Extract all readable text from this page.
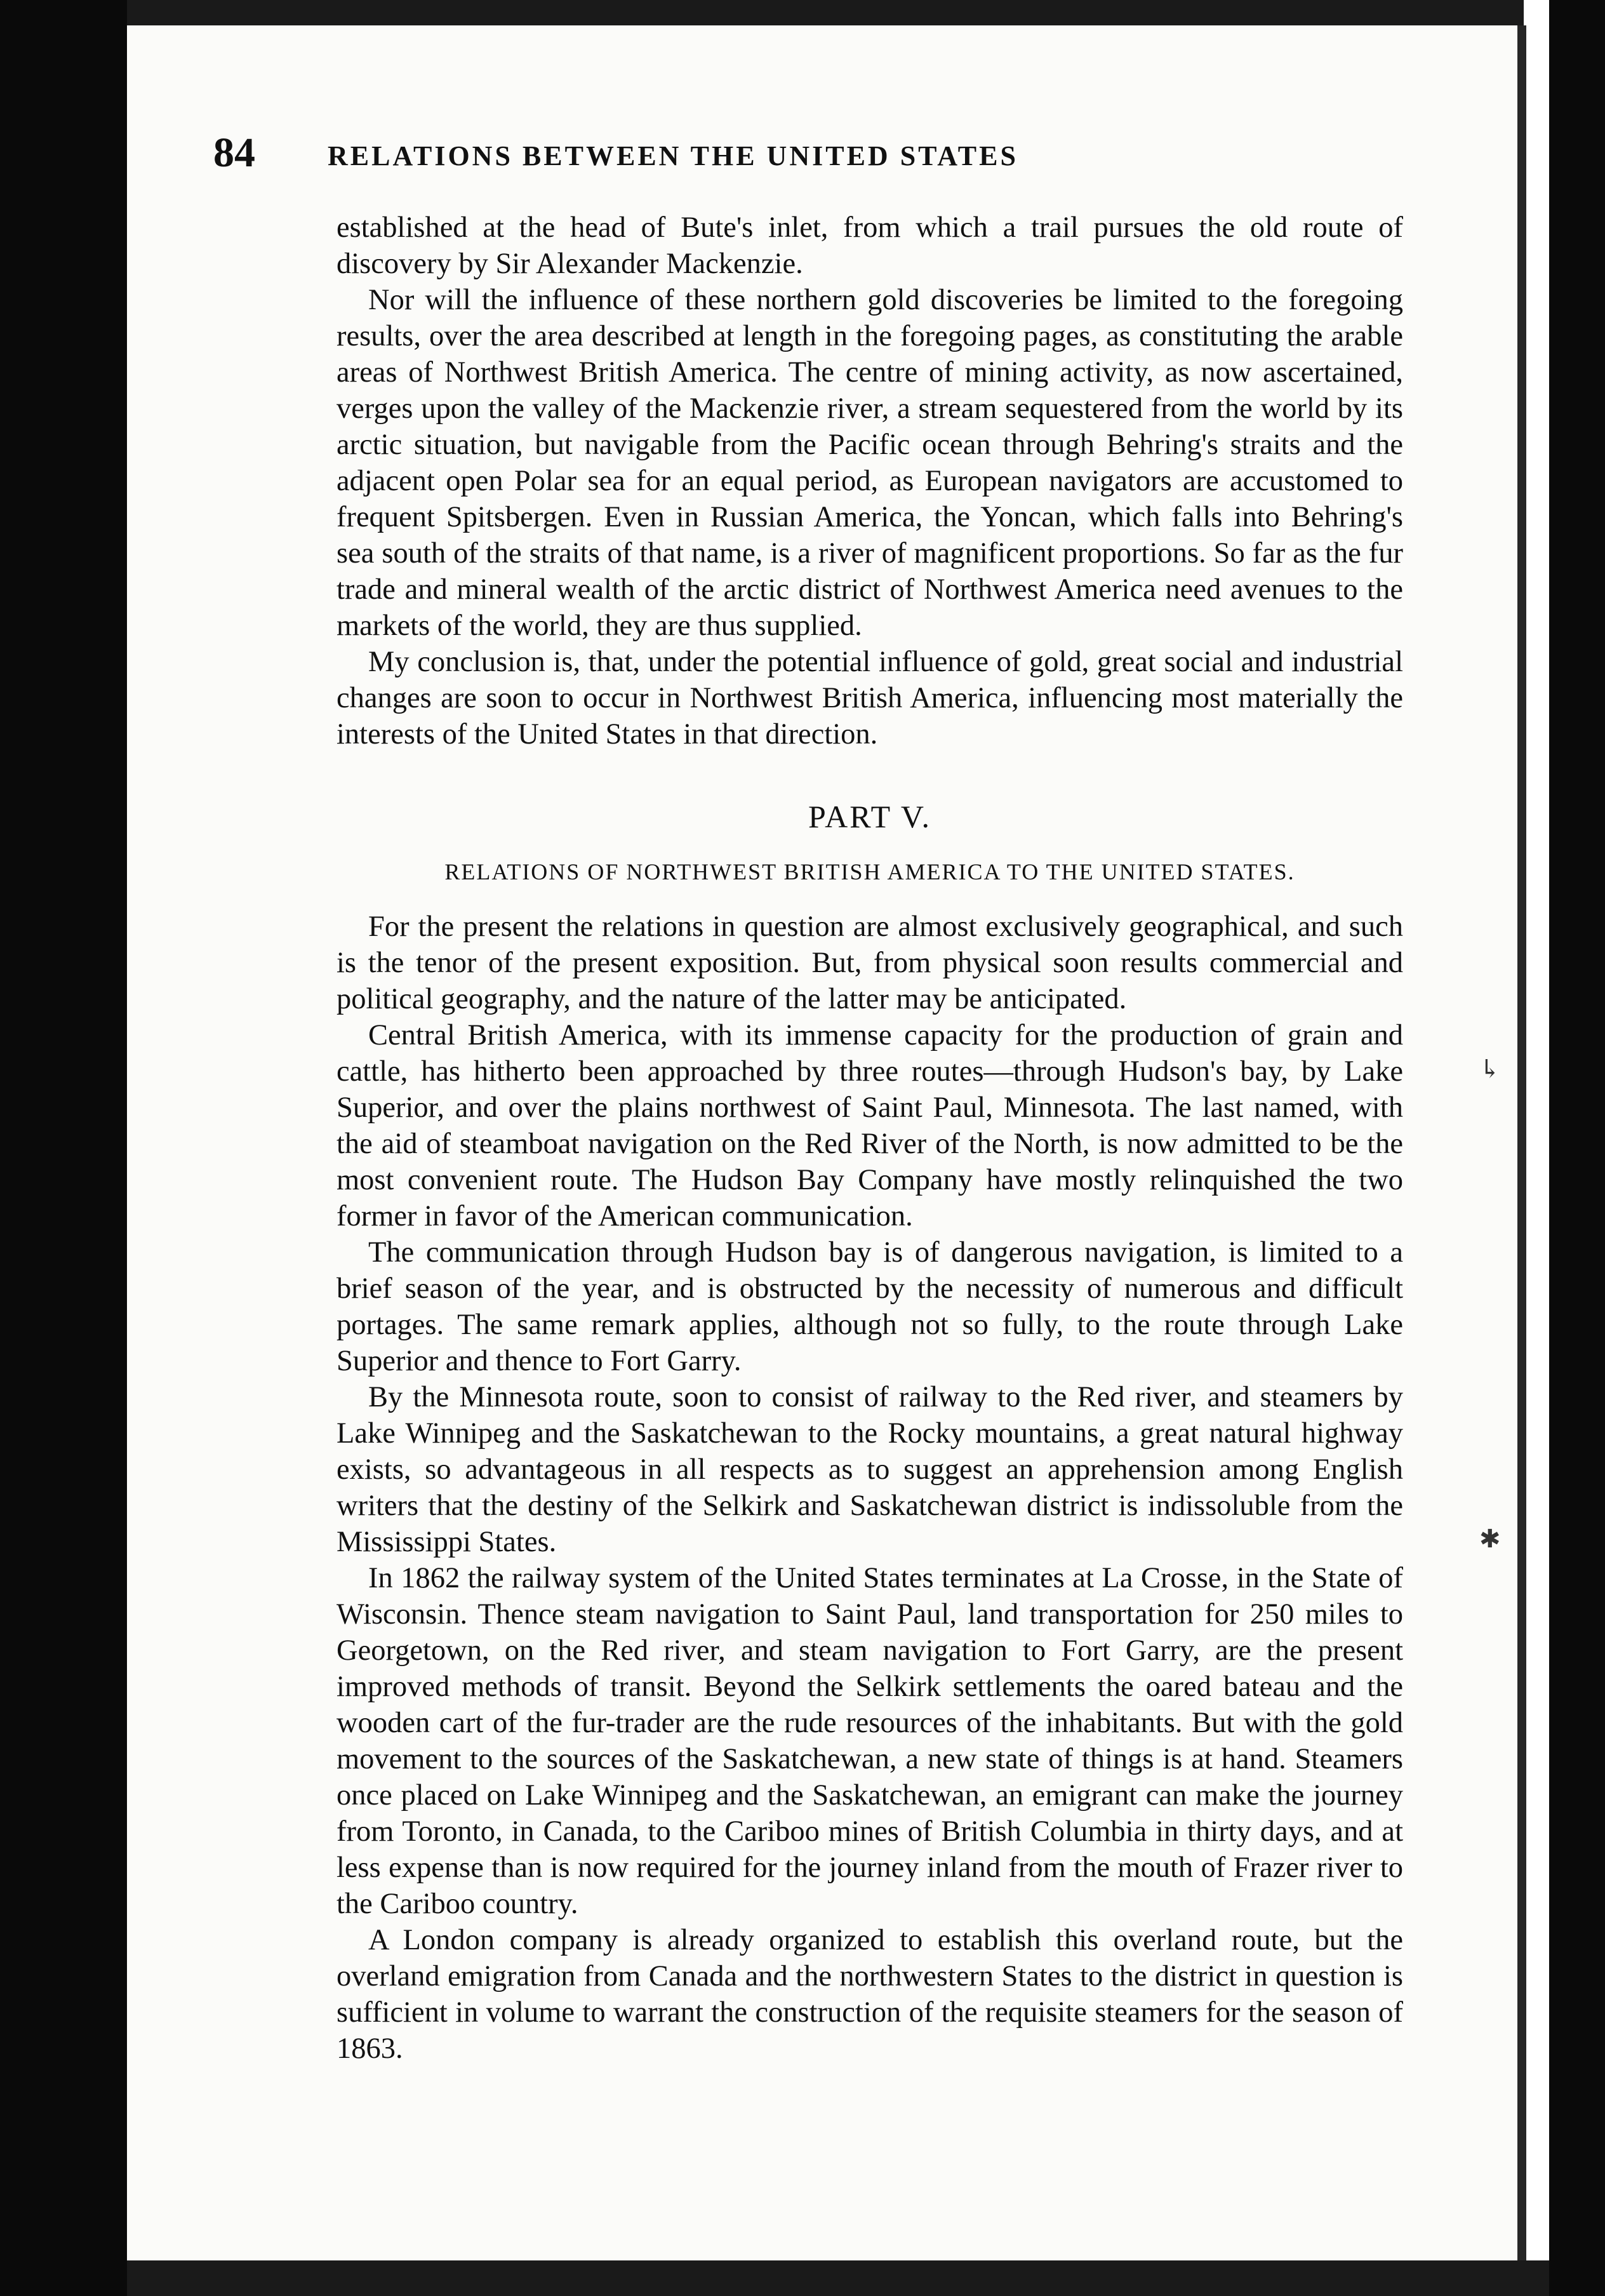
84	RELATIONS BETWEEN THE UNITED STATES

established at the head of Bute's inlet, from which a trail pursues the old route of discovery by Sir Alexander Mackenzie.

Nor will the influence of these northern gold discoveries be limited to the foregoing results, over the area described at length in the foregoing pages, as constituting the arable areas of Northwest British America. The centre of mining activity, as now ascertained, verges upon the valley of the Mackenzie river, a stream sequestered from the world by its arctic situation, but navigable from the Pacific ocean through Behring's straits and the adjacent open Polar sea for an equal period, as European navigators are accustomed to frequent Spitsbergen. Even in Russian America, the Yoncan, which falls into Behring's sea south of the straits of that name, is a river of magnificent proportions. So far as the fur trade and mineral wealth of the arctic district of Northwest America need avenues to the markets of the world, they are thus supplied.

My conclusion is, that, under the potential influence of gold, great social and industrial changes are soon to occur in Northwest British America, influencing most materially the interests of the United States in that direction.

PART V.
RELATIONS OF NORTHWEST BRITISH AMERICA TO THE UNITED STATES.

For the present the relations in question are almost exclusively geographical, and such is the tenor of the present exposition. But, from physical soon results commercial and political geography, and the nature of the latter may be anticipated.

Central British America, with its immense capacity for the production of grain and cattle, has hitherto been approached by three routes—through Hudson's bay, by Lake Superior, and over the plains northwest of Saint Paul, Minnesota. The last named, with the aid of steamboat navigation on the Red River of the North, is now admitted to be the most convenient route. The Hudson Bay Company have mostly relinquished the two former in favor of the American communication.

The communication through Hudson bay is of dangerous navigation, is limited to a brief season of the year, and is obstructed by the necessity of numerous and difficult portages. The same remark applies, although not so fully, to the route through Lake Superior and thence to Fort Garry.

By the Minnesota route, soon to consist of railway to the Red river, and steamers by Lake Winnipeg and the Saskatchewan to the Rocky mountains, a great natural highway exists, so advantageous in all respects as to suggest an apprehension among English writers that the destiny of the Selkirk and Saskatchewan district is indissoluble from the Mississippi States.

In 1862 the railway system of the United States terminates at La Crosse, in the State of Wisconsin. Thence steam navigation to Saint Paul, land transportation for 250 miles to Georgetown, on the Red river, and steam navigation to Fort Garry, are the present improved methods of transit. Beyond the Selkirk settlements the oared bateau and the wooden cart of the fur-trader are the rude resources of the inhabitants. But with the gold movement to the sources of the Saskatchewan, a new state of things is at hand. Steamers once placed on Lake Winnipeg and the Saskatchewan, an emigrant can make the journey from Toronto, in Canada, to the Cariboo mines of British Columbia in thirty days, and at less expense than is now required for the journey inland from the mouth of Frazer river to the Cariboo country.

A London company is already organized to establish this overland route, but the overland emigration from Canada and the northwestern States to the district in question is sufficient in volume to warrant the construction of the requisite steamers for the season of 1863.

↳
✱
